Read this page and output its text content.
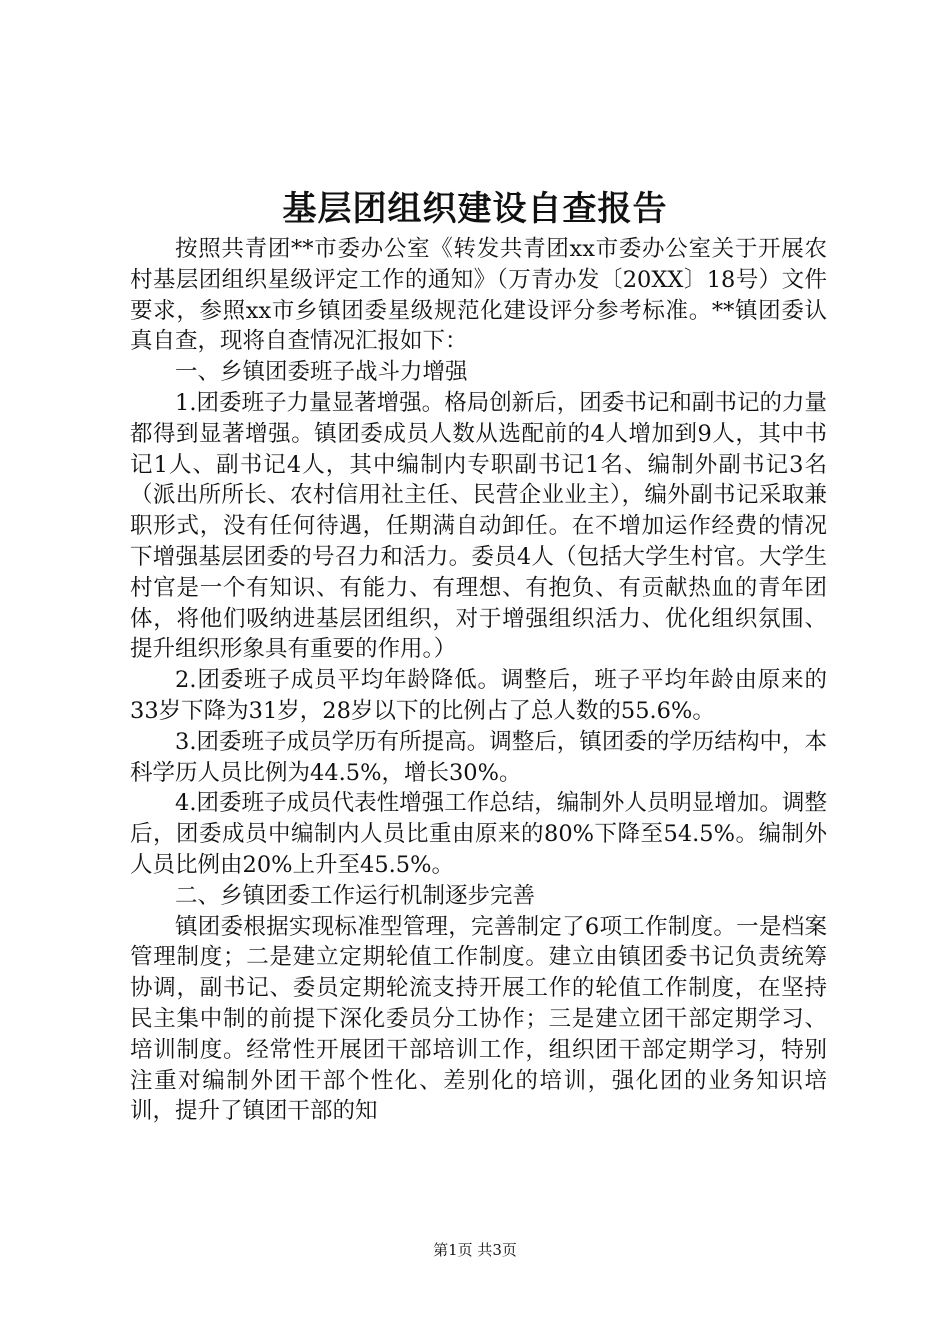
基层团组织建设自查报告

按照共青团**市委办公室《转发共青团xx市委办公室关于开展农村基层团组织星级评定工作的通知》（万青办发〔20XX〕18号）文件要求，参照xx市乡镇团委星级规范化建设评分参考标准。**镇团委认真自查，现将自查情况汇报如下：

一、乡镇团委班子战斗力增强

1.团委班子力量显著增强。格局创新后，团委书记和副书记的力量都得到显著增强。镇团委成员人数从选配前的4人增加到9人，其中书记1人、副书记4人，其中编制内专职副书记1名、编制外副书记3名（派出所所长、农村信用社主任、民营企业业主），编外副书记采取兼职形式，没有任何待遇，任期满自动卸任。在不增加运作经费的情况下增强基层团委的号召力和活力。委员4人（包括大学生村官。大学生村官是一个有知识、有能力、有理想、有抱负、有贡献热血的青年团体，将他们吸纳进基层团组织，对于增强组织活力、优化组织氛围、提升组织形象具有重要的作用。）

2.团委班子成员平均年龄降低。调整后，班子平均年龄由原来的33岁下降为31岁，28岁以下的比例占了总人数的55.6%。

3.团委班子成员学历有所提高。调整后，镇团委的学历结构中，本科学历人员比例为44.5%，增长30%。

4.团委班子成员代表性增强工作总结，编制外人员明显增加。调整后，团委成员中编制内人员比重由原来的80%下降至54.5%。编制外人员比例由20%上升至45.5%。

二、乡镇团委工作运行机制逐步完善

镇团委根据实现标准型管理，完善制定了6项工作制度。一是档案管理制度；二是建立定期轮值工作制度。建立由镇团委书记负责统筹协调，副书记、委员定期轮流支持开展工作的轮值工作制度，在坚持民主集中制的前提下深化委员分工协作；三是建立团干部定期学习、培训制度。经常性开展团干部培训工作，组织团干部定期学习，特别注重对编制外团干部个性化、差别化的培训，强化团的业务知识培训，提升了镇团干部的知

第1页 共3页
